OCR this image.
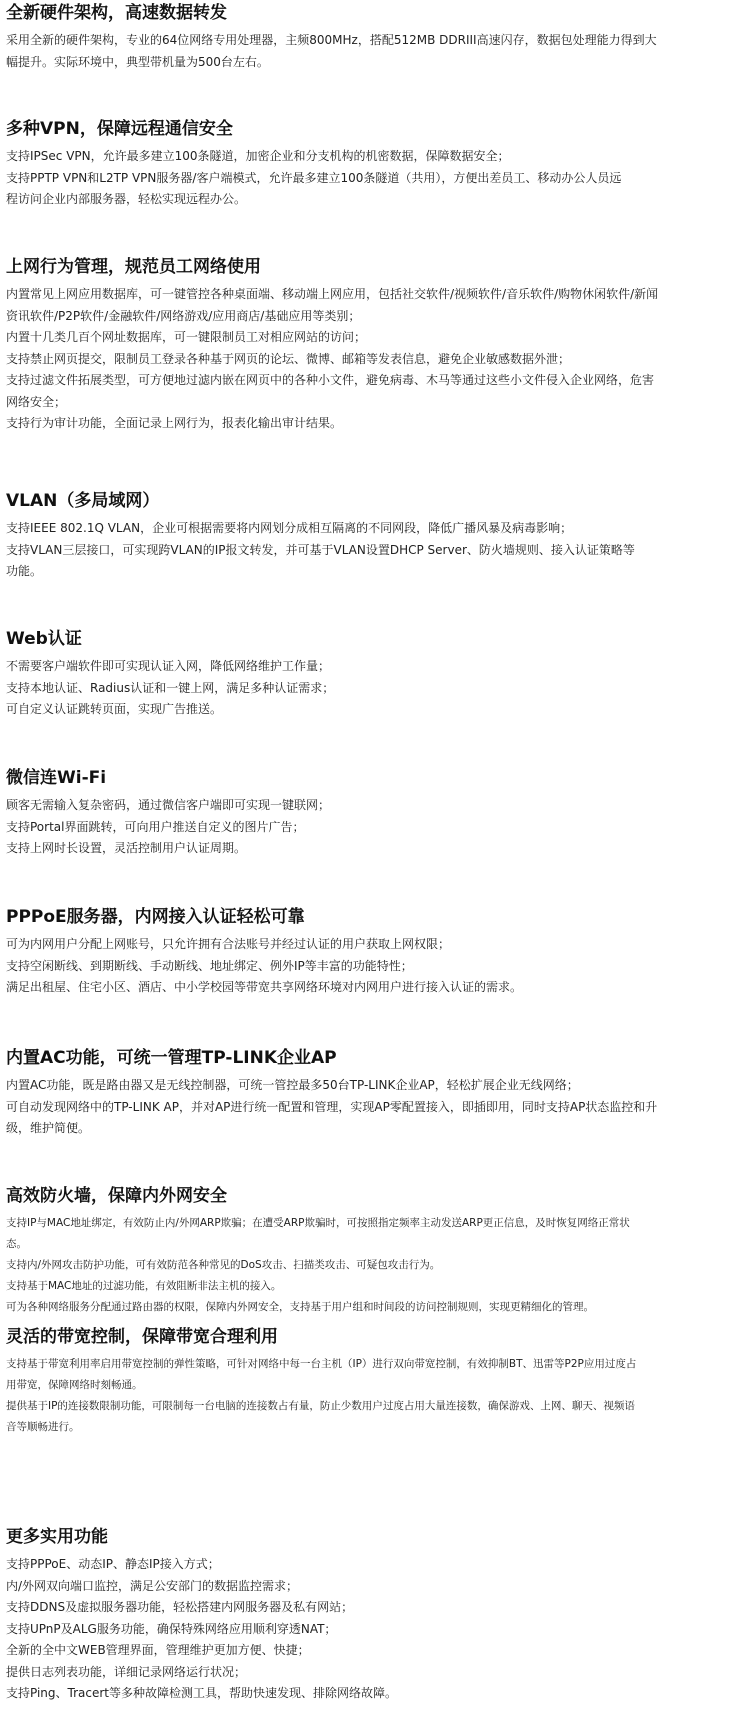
全新硬件架构，高速数据转发
采用全新的硬件架构，专业的64位网络专用处理器，主频800MHz，搭配512MB DDRIII高速闪存，数据包处理能力得到大
幅提升。实际环境中，典型带机量为500台左右。
多种VPN，保障远程通信安全
支持IPSec VPN，允许最多建立100条隧道，加密企业和分支机构的机密数据，保障数据安全；
支持PPTP VPN和L2TP VPN服务器/客户端模式，允许最多建立100条隧道（共用），方便出差员工、移动办公人员远
程访问企业内部服务器，轻松实现远程办公。
上网行为管理，规范员工网络使用
内置常见上网应用数据库，可一键管控各种桌面端、移动端上网应用，包括社交软件/视频软件/音乐软件/购物休闲软件/新闻
资讯软件/P2P软件/金融软件/网络游戏/应用商店/基础应用等类别；
内置十几类几百个网址数据库，可一键限制员工对相应网站的访问；
支持禁止网页提交，限制员工登录各种基于网页的论坛、微博、邮箱等发表信息，避免企业敏感数据外泄；
支持过滤文件拓展类型，可方便地过滤内嵌在网页中的各种小文件，避免病毒、木马等通过这些小文件侵入企业网络，危害
网络安全；
支持行为审计功能，全面记录上网行为，报表化输出审计结果。
VLAN（多局域网）
支持IEEE 802.1Q VLAN，企业可根据需要将内网划分成相互隔离的不同网段，降低广播风暴及病毒影响；
支持VLAN三层接口，可实现跨VLAN的IP报文转发，并可基于VLAN设置DHCP Server、防火墙规则、接入认证策略等
功能。
Web认证
不需要客户端软件即可实现认证入网，降低网络维护工作量；
支持本地认证、Radius认证和一键上网，满足多种认证需求；
可自定义认证跳转页面，实现广告推送。
微信连Wi-Fi
顾客无需输入复杂密码，通过微信客户端即可实现一键联网；
支持Portal界面跳转，可向用户推送自定义的图片广告；
支持上网时长设置，灵活控制用户认证周期。
PPPoE服务器，内网接入认证轻松可靠
可为内网用户分配上网账号，只允许拥有合法账号并经过认证的用户获取上网权限；
支持空闲断线、到期断线、手动断线、地址绑定、例外IP等丰富的功能特性；
满足出租屋、住宅小区、酒店、中小学校园等带宽共享网络环境对内网用户进行接入认证的需求。
内置AC功能，可统一管理TP-LINK企业AP
内置AC功能，既是路由器又是无线控制器，可统一管控最多50台TP-LINK企业AP，轻松扩展企业无线网络；
可自动发现网络中的TP-LINK AP，并对AP进行统一配置和管理，实现AP零配置接入，即插即用，同时支持AP状态监控和升
级，维护简便。
高效防火墙，保障内外网安全
支持IP与MAC地址绑定，有效防止内/外网ARP欺骗；在遭受ARP欺骗时，可按照指定频率主动发送ARP更正信息，及时恢复网络正常状
态。
支持内/外网攻击防护功能，可有效防范各种常见的DoS攻击、扫描类攻击、可疑包攻击行为。
支持基于MAC地址的过滤功能，有效阻断非法主机的接入。
可为各种网络服务分配通过路由器的权限，保障内外网安全，支持基于用户组和时间段的访问控制规则，实现更精细化的管理。
灵活的带宽控制，保障带宽合理利用
支持基于带宽利用率启用带宽控制的弹性策略，可针对网络中每一台主机（IP）进行双向带宽控制，有效抑制BT、迅雷等P2P应用过度占
用带宽，保障网络时刻畅通。
提供基于IP的连接数限制功能，可限制每一台电脑的连接数占有量，防止少数用户过度占用大量连接数，确保游戏、上网、聊天、视频语
音等顺畅进行。
更多实用功能
支持PPPoE、动态IP、静态IP接入方式；
内/外网双向端口监控，满足公安部门的数据监控需求；
支持DDNS及虚拟服务器功能，轻松搭建内网服务器及私有网站；
支持UPnP及ALG服务功能，确保特殊网络应用顺利穿透NAT；
全新的全中文WEB管理界面，管理维护更加方便、快捷；
提供日志列表功能，详细记录网络运行状况；
支持Ping、Tracert等多种故障检测工具，帮助快速发现、排除网络故障。
